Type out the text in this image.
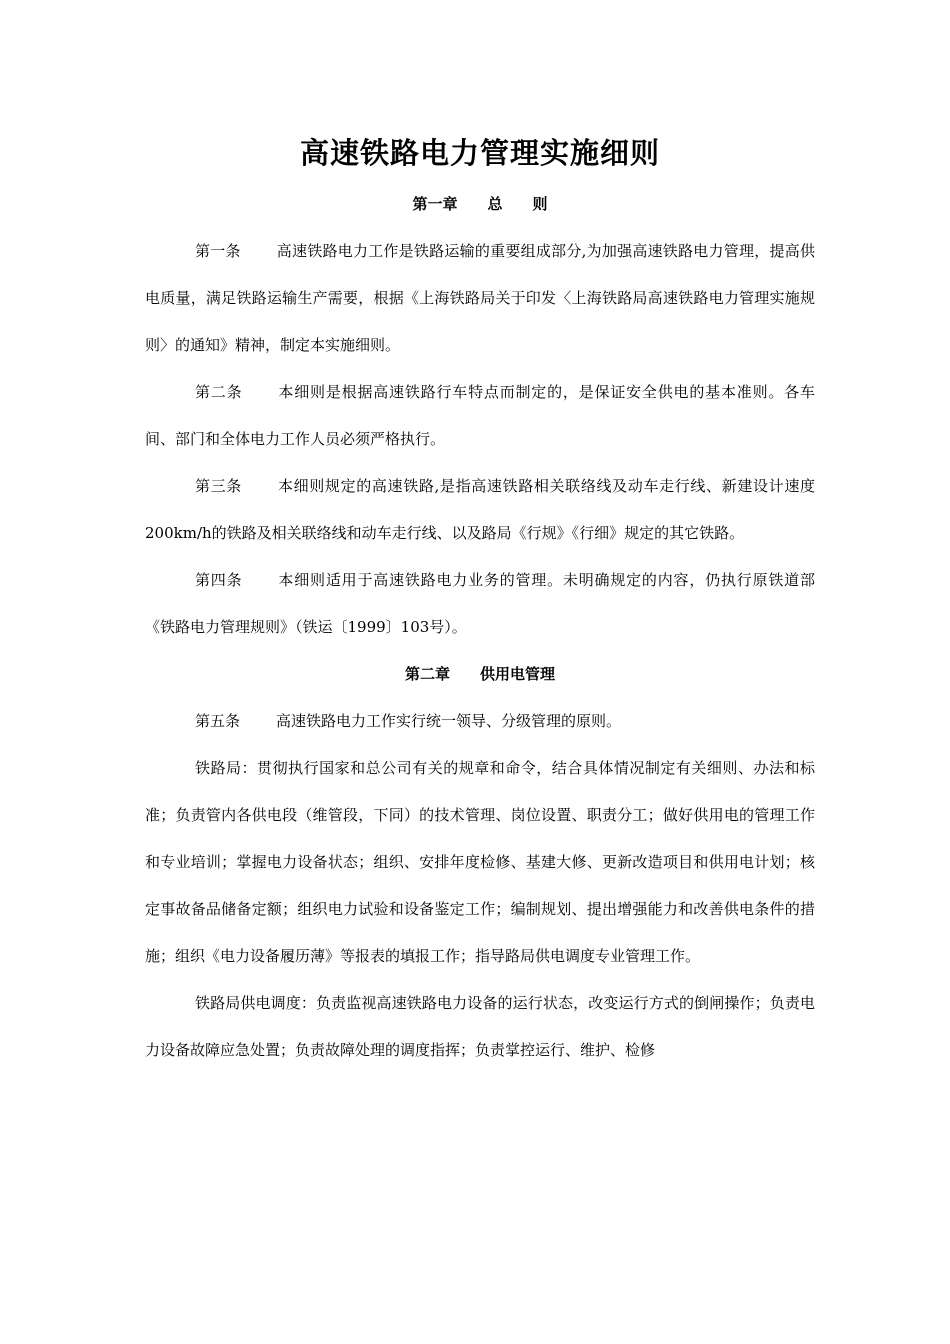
高速铁路电力管理实施细则
第一章 总 则

第一条 高速铁路电力工作是铁路运输的重要组成部分,为加强高速铁路电力管理，提高供电质量，满足铁路运输生产需要，根据《上海铁路局关于印发〈上海铁路局高速铁路电力管理实施规则〉的通知》精神，制定本实施细则。

第二条 本细则是根据高速铁路行车特点而制定的，是保证安全供电的基本准则。各车间、部门和全体电力工作人员必须严格执行。

第三条 本细则规定的高速铁路,是指高速铁路相关联络线及动车走行线、新建设计速度200km/h的铁路及相关联络线和动车走行线、以及路局《行规》《行细》规定的其它铁路。

第四条 本细则适用于高速铁路电力业务的管理。未明确规定的内容，仍执行原铁道部《铁路电力管理规则》（铁运〔1999〕103号）。

第二章 供用电管理

第五条 高速铁路电力工作实行统一领导、分级管理的原则。

铁路局：贯彻执行国家和总公司有关的规章和命令，结合具体情况制定有关细则、办法和标准；负责管内各供电段（维管段，下同）的技术管理、岗位设置、职责分工；做好供用电的管理工作和专业培训；掌握电力设备状态；组织、安排年度检修、基建大修、更新改造项目和供用电计划；核定事故备品储备定额；组织电力试验和设备鉴定工作；编制规划、提出增强能力和改善供电条件的措施；组织《电力设备履历薄》等报表的填报工作；指导路局供电调度专业管理工作。

铁路局供电调度：负责监视高速铁路电力设备的运行状态，改变运行方式的倒闸操作；负责电力设备故障应急处置；负责故障处理的调度指挥；负责掌控运行、维护、检修
